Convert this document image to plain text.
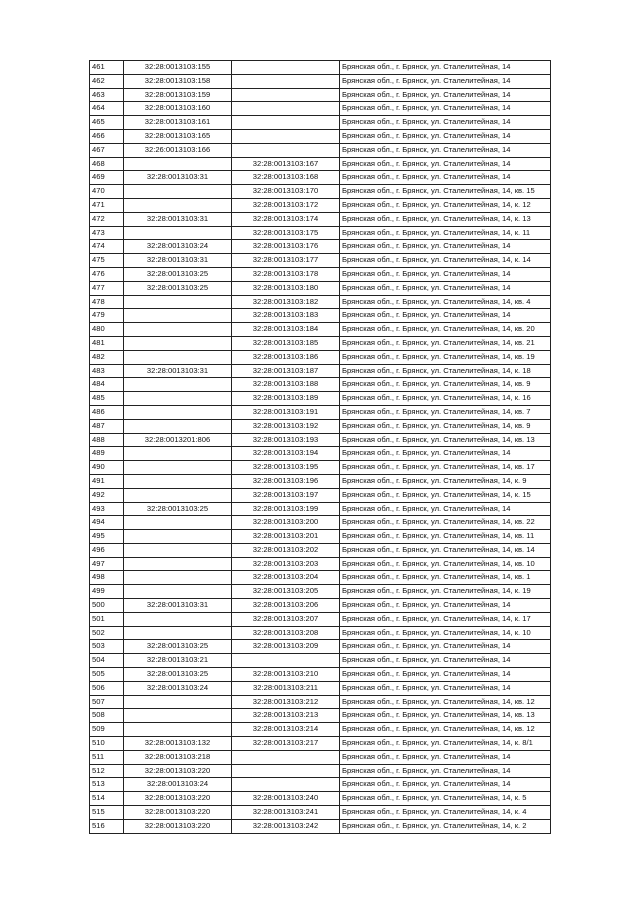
461	32:28:0013103:155		Брянская обл., г. Брянск, ул. Сталелитейная, 14
462	32:28:0013103:158		Брянская обл., г. Брянск, ул. Сталелитейная, 14
463	32:28:0013103:159		Брянская обл., г. Брянск, ул. Сталелитейная, 14
464	32:28:0013103:160		Брянская обл., г. Брянск, ул. Сталелитейная, 14
465	32:28:0013103:161		Брянская обл., г. Брянск, ул. Сталелитейная, 14
466	32:28:0013103:165		Брянская обл., г. Брянск, ул. Сталелитейная, 14
467	32:26:0013103:166		Брянская обл., г. Брянск, ул. Сталелитейная, 14
468		32:28:0013103:167	Брянская обл., г. Брянск, ул. Сталелитейная, 14
469	32:28:0013103:31	32:28:0013103:168	Брянская обл., г. Брянск, ул. Сталелитейная, 14
470		32:28:0013103:170	Брянская обл., г. Брянск, ул. Сталелитейная, 14, кв. 15
471		32:28:0013103:172	Брянская обл., г. Брянск, ул. Сталелитейная, 14, к. 12
472	32:28:0013103:31	32:28:0013103:174	Брянская обл., г. Брянск, ул. Сталелитейная, 14, к. 13
473		32:28:0013103:175	Брянская обл., г. Брянск, ул. Сталелитейная, 14, к. 11
474	32:28:0013103:24	32:28:0013103:176	Брянская обл., г. Брянск, ул. Сталелитейная, 14
475	32:28:0013103:31	32:28:0013103:177	Брянская обл., г. Брянск, ул. Сталелитейная, 14, к. 14
476	32:28:0013103:25	32:28:0013103:178	Брянская обл., г. Брянск, ул. Сталелитейная, 14
477	32:28:0013103:25	32:28:0013103:180	Брянская обл., г. Брянск, ул. Сталелитейная, 14
478		32:28:0013103:182	Брянская обл., г. Брянск, ул. Сталелитейная, 14, кв. 4
479		32:28:0013103:183	Брянская обл., г. Брянск, ул. Сталелитейная, 14
480		32:28:0013103:184	Брянская обл., г. Брянск, ул. Сталелитейная, 14, кв. 20
481		32:28:0013103:185	Брянская обл., г. Брянск, ул. Сталелитейная, 14, кв. 21
482		32:28:0013103:186	Брянская обл., г. Брянск, ул. Сталелитейная, 14, кв. 19
483	32:28:0013103:31	32:28:0013103:187	Брянская обл., г. Брянск, ул. Сталелитейная, 14, к. 18
484		32:28:0013103:188	Брянская обл., г. Брянск, ул. Сталелитейная, 14, кв. 9
485		32:28:0013103:189	Брянская обл., г. Брянск, ул. Сталелитейная, 14, к. 16
486		32:28:0013103:191	Брянская обл., г. Брянск, ул. Сталелитейная, 14, кв. 7
487		32:28:0013103:192	Брянская обл., г. Брянск, ул. Сталелитейная, 14, кв. 9
488	32:28:0013201:806	32:28:0013103:193	Брянская обл., г. Брянск, ул. Сталелитейная, 14, кв. 13
489		32:28:0013103:194	Брянская обл., г. Брянск, ул. Сталелитейная, 14
490		32:28:0013103:195	Брянская обл., г. Брянск, ул. Сталелитейная, 14, кв. 17
491		32:28:0013103:196	Брянская обл., г. Брянск, ул. Сталелитейная, 14, к. 9
492		32:28:0013103:197	Брянская обл., г. Брянск, ул. Сталелитейная, 14, к. 15
493	32:28:0013103:25	32:28:0013103:199	Брянская обл., г. Брянск, ул. Сталелитейная, 14
494		32:28:0013103:200	Брянская обл., г. Брянск, ул. Сталелитейная, 14, кв. 22
495		32:28:0013103:201	Брянская обл., г. Брянск, ул. Сталелитейная, 14, кв. 11
496		32:28:0013103:202	Брянская обл., г. Брянск, ул. Сталелитейная, 14, кв. 14
497		32:28:0013103:203	Брянская обл., г. Брянск, ул. Сталелитейная, 14, кв. 10
498		32:28:0013103:204	Брянская обл., г. Брянск, ул. Сталелитейная, 14, кв. 1
499		32:28:0013103:205	Брянская обл., г. Брянск, ул. Сталелитейная, 14, к. 19
500	32:28:0013103:31	32:28:0013103:206	Брянская обл., г. Брянск, ул. Сталелитейная, 14
501		32:28:0013103:207	Брянская обл., г. Брянск, ул. Сталелитейная, 14, к. 17
502		32:28:0013103:208	Брянская обл., г. Брянск, ул. Сталелитейная, 14, к. 10
503	32:28:0013103:25	32:28:0013103:209	Брянская обл., г. Брянск, ул. Сталелитейная, 14
504	32:28:0013103:21		Брянская обл., г. Брянск, ул. Сталелитейная, 14
505	32:28:0013103:25	32:28:0013103:210	Брянская обл., г. Брянск, ул. Сталелитейная, 14
506	32:28:0013103:24	32:28:0013103:211	Брянская обл., г. Брянск, ул. Сталелитейная, 14
507		32:28:0013103:212	Брянская обл., г. Брянск, ул. Сталелитейная, 14, кв. 12
508		32:28:0013103:213	Брянская обл., г. Брянск, ул. Сталелитейная, 14, кв. 13
509		32:28:0013103:214	Брянская обл., г. Брянск, ул. Сталелитейная, 14, кв. 12
510	32:28:0013103:132	32:28:0013103:217	Брянская обл., г. Брянск, ул. Сталелитейная, 14, к. 8/1
511	32:28:0013103:218		Брянская обл., г. Брянск, ул. Сталелитейная, 14
512	32:28:0013103:220		Брянская обл., г. Брянск, ул. Сталелитейная, 14
513	32:28:0013103:24		Брянская обл., г. Брянск, ул. Сталелитейная, 14
514	32:28:0013103:220	32:28:0013103:240	Брянская обл., г. Брянск, ул. Сталелитейная, 14, к. 5
515	32:28:0013103:220	32:28:0013103:241	Брянская обл., г. Брянск, ул. Сталелитейная, 14, к. 4
516	32:28:0013103:220	32:28:0013103:242	Брянская обл., г. Брянск, ул. Сталелитейная, 14, к. 2
